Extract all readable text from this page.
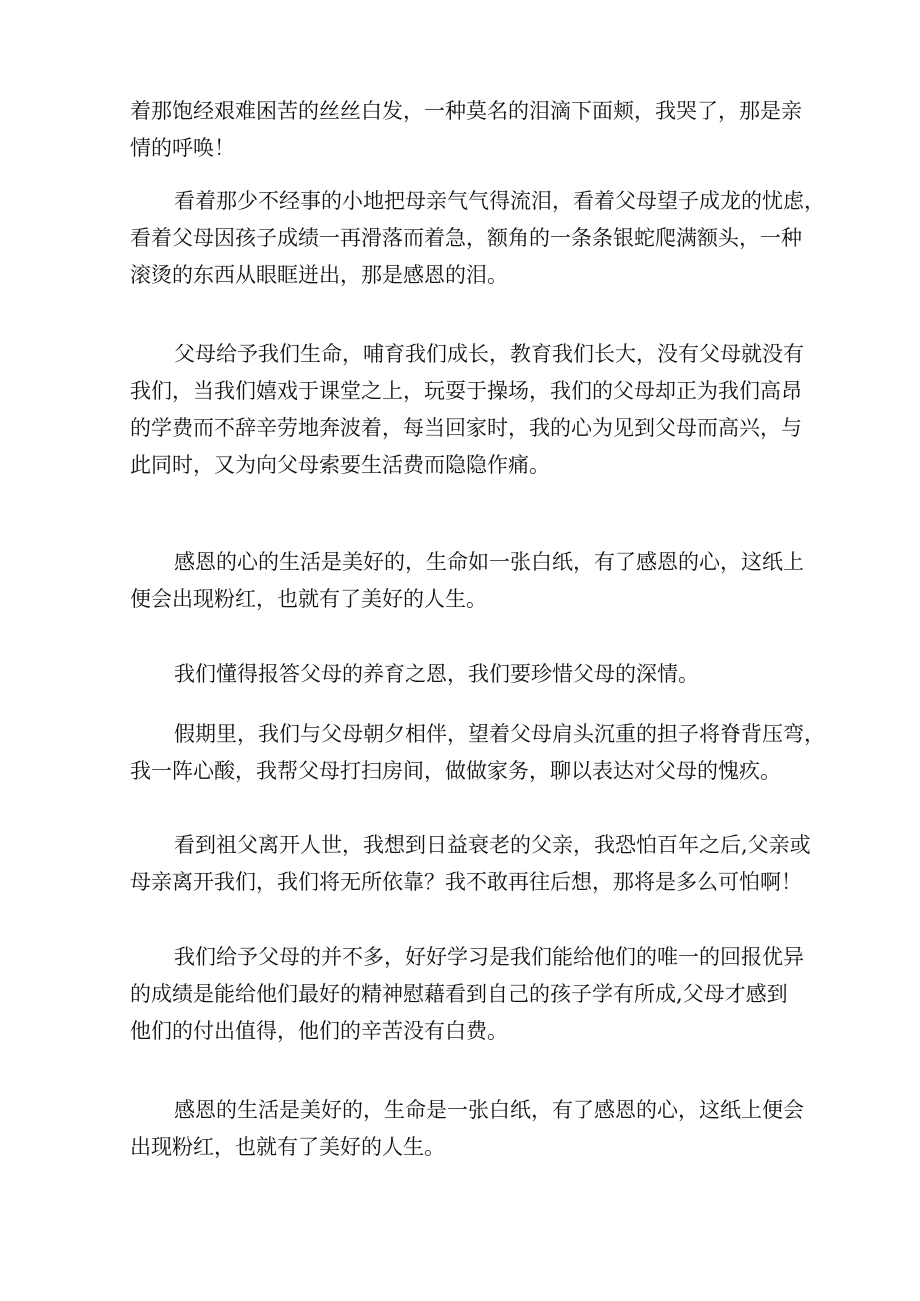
着那饱经艰难困苦的丝丝白发，一种莫名的泪滴下面颊，我哭了，那是亲
情的呼唤！
看着那少不经事的小地把母亲气气得流泪，看着父母望子成龙的忧虑，
看着父母因孩子成绩一再滑落而着急，额角的一条条银蛇爬满额头，一种
滚烫的东西从眼眶迸出，那是感恩的泪。
父母给予我们生命，哺育我们成长，教育我们长大，没有父母就没有
我们，当我们嬉戏于课堂之上，玩耍于操场，我们的父母却正为我们高昂
的学费而不辞辛劳地奔波着，每当回家时，我的心为见到父母而高兴，与
此同时，又为向父母索要生活费而隐隐作痛。
感恩的心的生活是美好的，生命如一张白纸，有了感恩的心，这纸上
便会出现粉红，也就有了美好的人生。
我们懂得报答父母的养育之恩，我们要珍惜父母的深情。
假期里，我们与父母朝夕相伴，望着父母肩头沉重的担子将脊背压弯，
我一阵心酸，我帮父母打扫房间，做做家务，聊以表达对父母的愧疚。
看到祖父离开人世，我想到日益衰老的父亲，我恐怕百年之后,父亲或
母亲离开我们，我们将无所依靠？我不敢再往后想，那将是多么可怕啊！
我们给予父母的并不多，好好学习是我们能给他们的唯一的回报优异
的成绩是能给他们最好的精神慰藉看到自己的孩子学有所成,父母才感到
他们的付出值得，他们的辛苦没有白费。
感恩的生活是美好的，生命是一张白纸，有了感恩的心，这纸上便会
出现粉红，也就有了美好的人生。
